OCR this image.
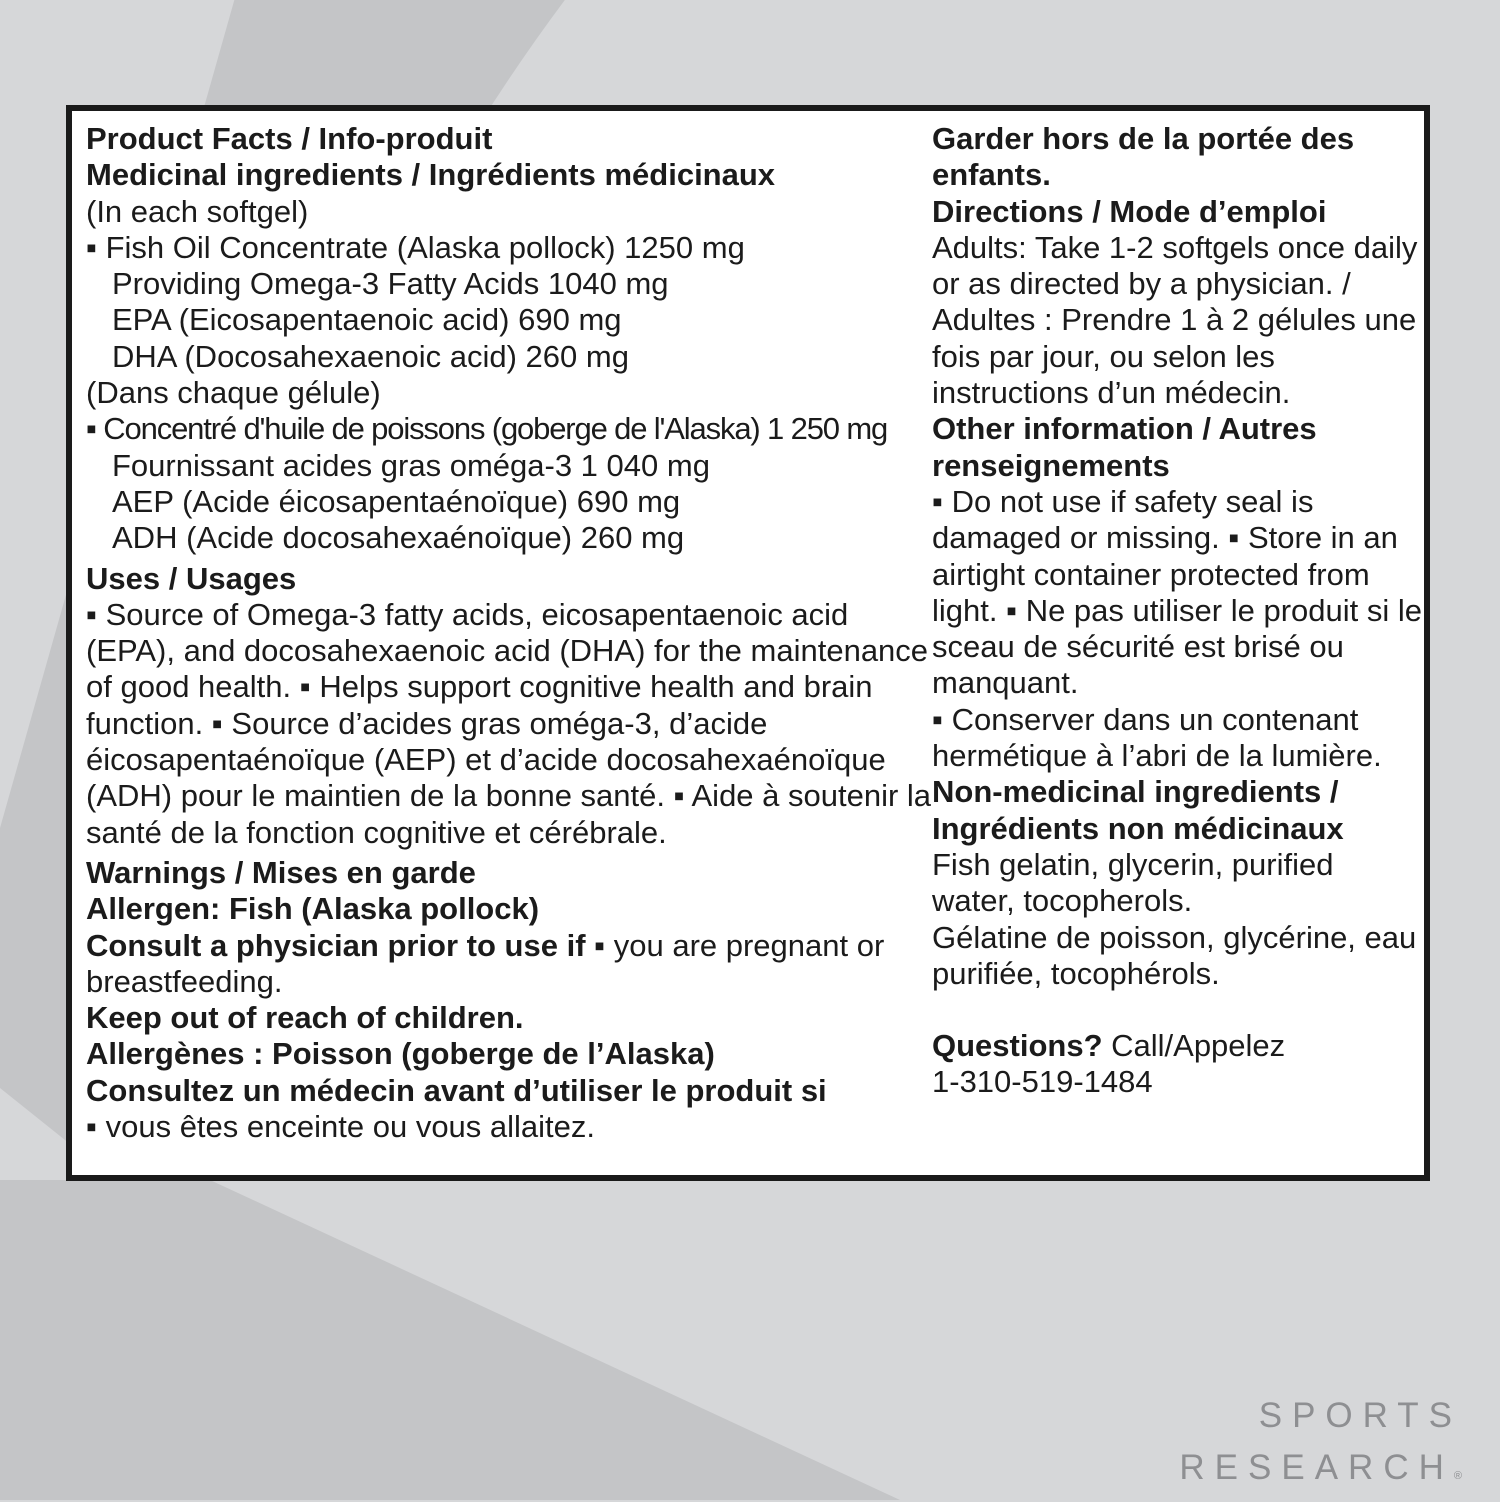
Product Facts / Info-produit
Medicinal ingredients / Ingrédients médicinaux
(In each softgel)
▪ Fish Oil Concentrate (Alaska pollock) 1250 mg
Providing Omega-3 Fatty Acids 1040 mg
EPA (Eicosapentaenoic acid) 690 mg
DHA (Docosahexaenoic acid) 260 mg
(Dans chaque gélule)
▪ Concentré d'huile de poissons (goberge de l'Alaska) 1 250 mg
Fournissant acides gras oméga-3 1 040 mg
AEP (Acide éicosapentaénoïque) 690 mg
ADH (Acide docosahexaénoïque) 260 mg
Uses / Usages
▪ Source of Omega-3 fatty acids, eicosapentaenoic acid (EPA), and docosahexaenoic acid (DHA) for the maintenance of good health. ▪ Helps support cognitive health and brain function. ▪ Source d’acides gras oméga-3, d’acide éicosapentaénoïque (AEP) et d’acide docosahexaénoïque (ADH) pour le maintien de la bonne santé. ▪ Aide à soutenir la santé de la fonction cognitive et cérébrale.
Warnings / Mises en garde
Allergen: Fish (Alaska pollock)
Consult a physician prior to use if ▪ you are pregnant or breastfeeding.
Keep out of reach of children.
Allergènes : Poisson (goberge de l’Alaska)
Consultez un médecin avant d’utiliser le produit si
▪ vous êtes enceinte ou vous allaitez.
Garder hors de la portée des enfants.
Directions / Mode d’emploi
Adults: Take 1-2 softgels once daily or as directed by a physician. / Adultes : Prendre 1 à 2 gélules une fois par jour, ou selon les instructions d’un médecin.
Other information / Autres renseignements
▪ Do not use if safety seal is damaged or missing. ▪ Store in an airtight container protected from light. ▪ Ne pas utiliser le produit si le sceau de sécurité est brisé ou manquant.
▪ Conserver dans un contenant hermétique à l’abri de la lumière.
Non-medicinal ingredients / Ingrédients non médicinaux
Fish gelatin, glycerin, purified water, tocopherols.
Gélatine de poisson, glycérine, eau purifiée, tocophérols.
Questions? Call/Appelez
1-310-519-1484
SPORTS
RESEARCH®
